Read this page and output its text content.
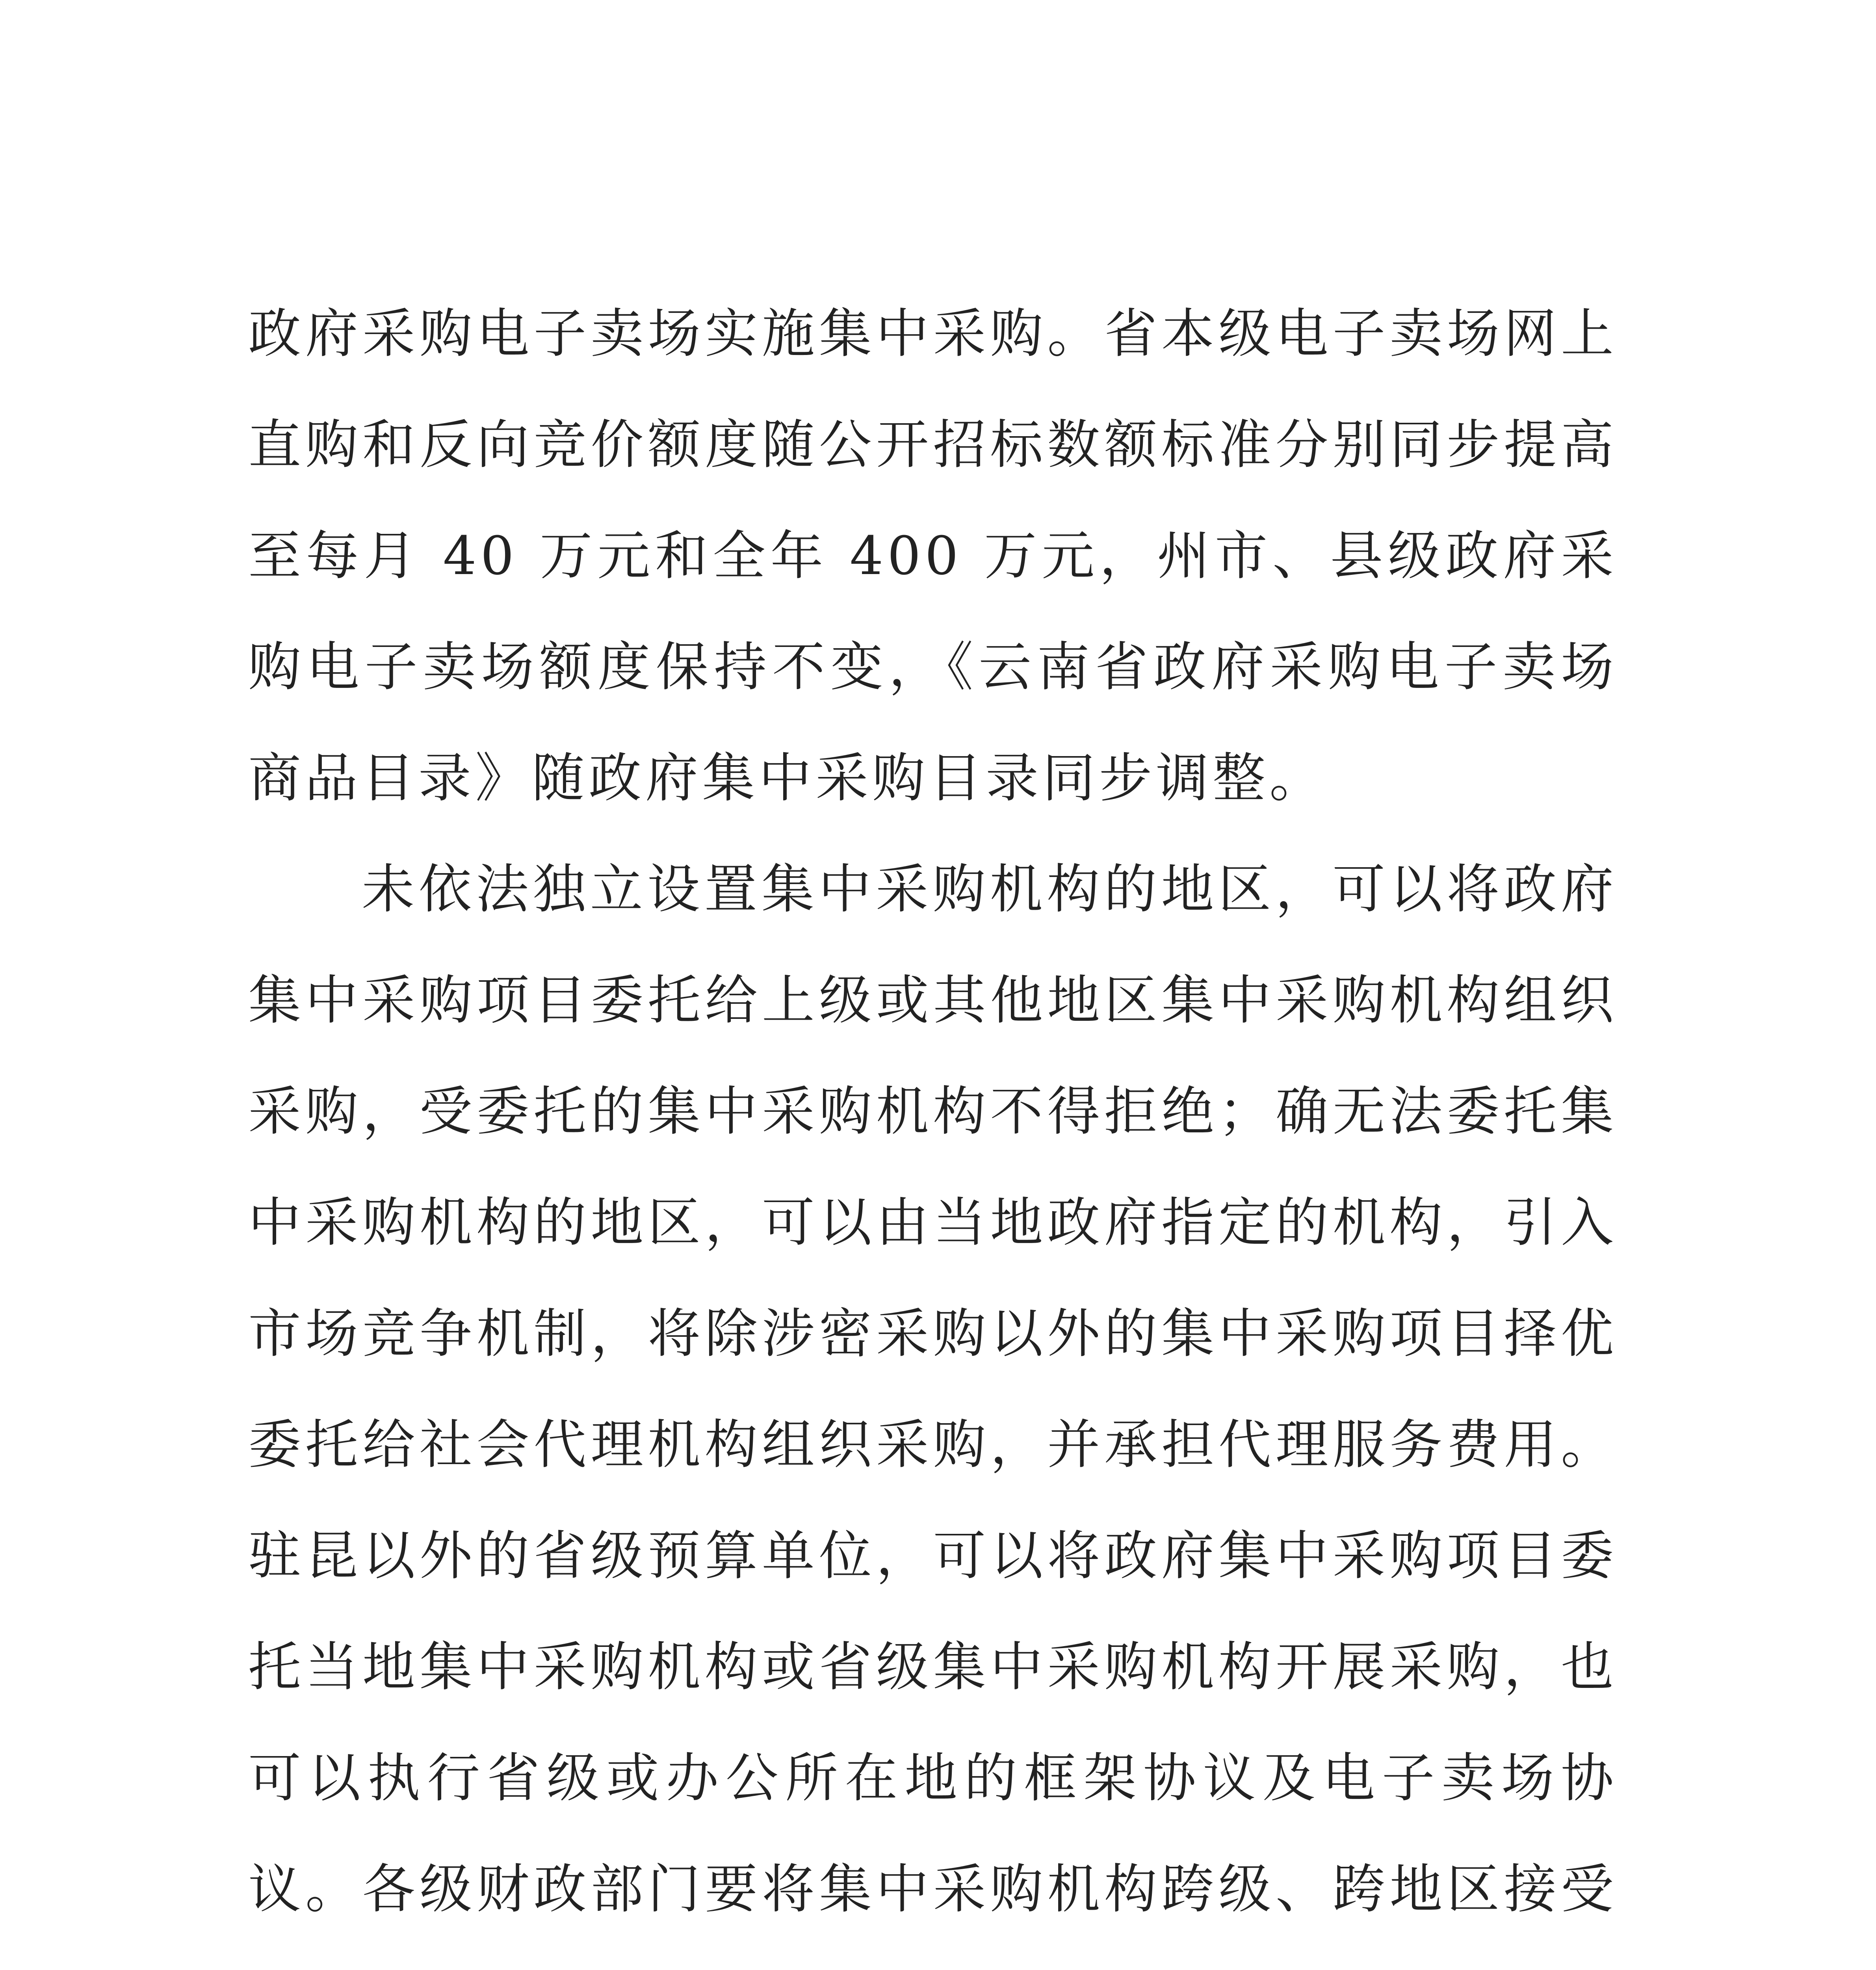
政府采购电子卖场实施集中采购。省本级电子卖场网上直购和反向竞价额度随公开招标数额标准分别同步提高至每月 40 万元和全年 400 万元，州市、县级政府采购电子卖场额度保持不变，《云南省政府采购电子卖场商品目录》随政府集中采购目录同步调整。

未依法独立设置集中采购机构的地区，可以将政府集中采购项目委托给上级或其他地区集中采购机构组织采购，受委托的集中采购机构不得拒绝；确无法委托集中采购机构的地区，可以由当地政府指定的机构，引入市场竞争机制，将除涉密采购以外的集中采购项目择优委托给社会代理机构组织采购，并承担代理服务费用。驻昆以外的省级预算单位，可以将政府集中采购项目委托当地集中采购机构或省级集中采购机构开展采购，也可以执行省级或办公所在地的框架协议及电子卖场协议。各级财政部门要将集中采购机构跨级、跨地区接受
